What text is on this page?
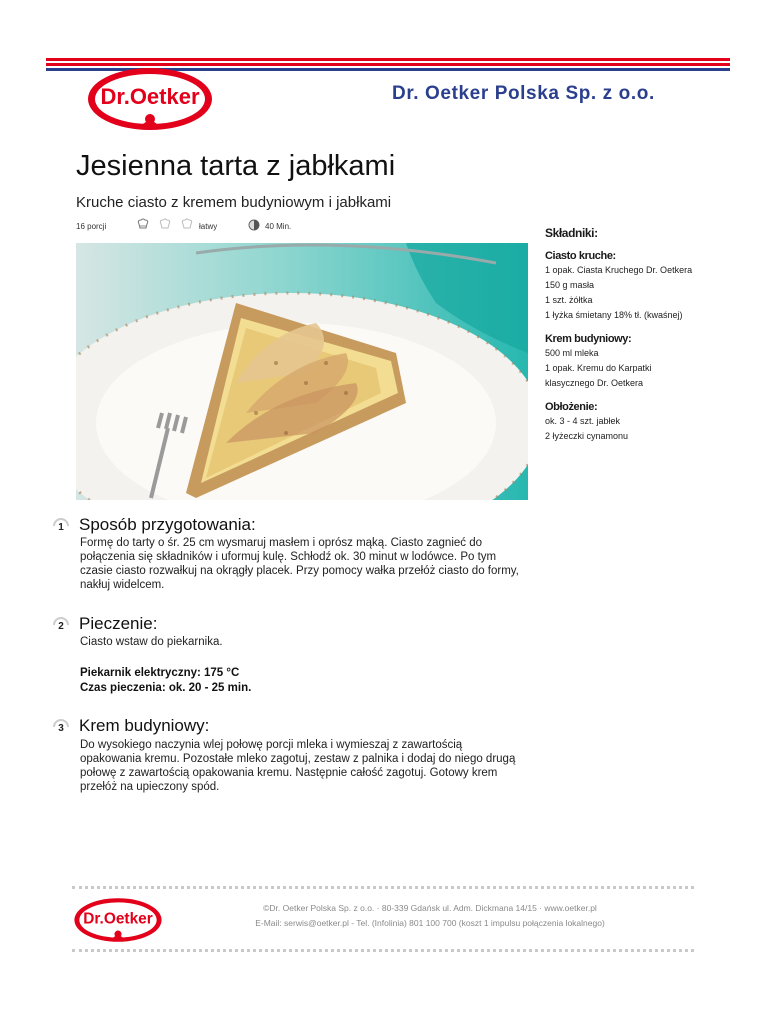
Dr.Oetker	Dr. Oetker Polska Sp. z o.o.
Jesienna tarta z jabłkami
Kruche ciasto z kremem budyniowym i jabłkami
16 porcji	łatwy	40 Min.	Składniki:
Ciasto kruche:
1 opak. Ciasta Kruchego Dr. Oetkera
150 g masła
1 szt. żółtka
1 łyżka śmietany 18% tł. (kwaśnej)
Krem budyniowy:
500 ml mleka
1 opak. Kremu do Karpatki
klasycznego Dr. Oetkera
Obłożenie:
ok. 3 - 4 szt. jabłek
2 łyżeczki cynamonu
1 Sposób przygotowania:
Formę do tarty o śr. 25 cm wysmaruj masłem i oprósz mąką. Ciasto zagnieć do połączenia się składników i uformuj kulę. Schłodź ok. 30 minut w lodówce. Po tym czasie ciasto rozwałkuj na okrągły placek. Przy pomocy wałka przełóż ciasto do formy, nakłuj widelcem.
2 Pieczenie:
Ciasto wstaw do piekarnika.
Piekarnik elektryczny: 175 °C
Czas pieczenia: ok. 20 - 25 min.
3 Krem budyniowy:
Do wysokiego naczynia wlej połowę porcji mleka i wymieszaj z zawartością opakowania kremu. Pozostałe mleko zagotuj, zestaw z palnika i dodaj do niego drugą połowę z zawartością opakowania kremu. Następnie całość zagotuj. Gotowy krem przełóż na upieczony spód.
Dr.Oetker
©Dr. Oetker Polska Sp. z o.o. · 80-339 Gdańsk ul. Adm. Dickmana 14/15 · www.oetker.pl
E-Mail: serwis@oetker.pl - Tel. (Infolinia) 801 100 700 (koszt 1 impulsu połączenia lokalnego)
